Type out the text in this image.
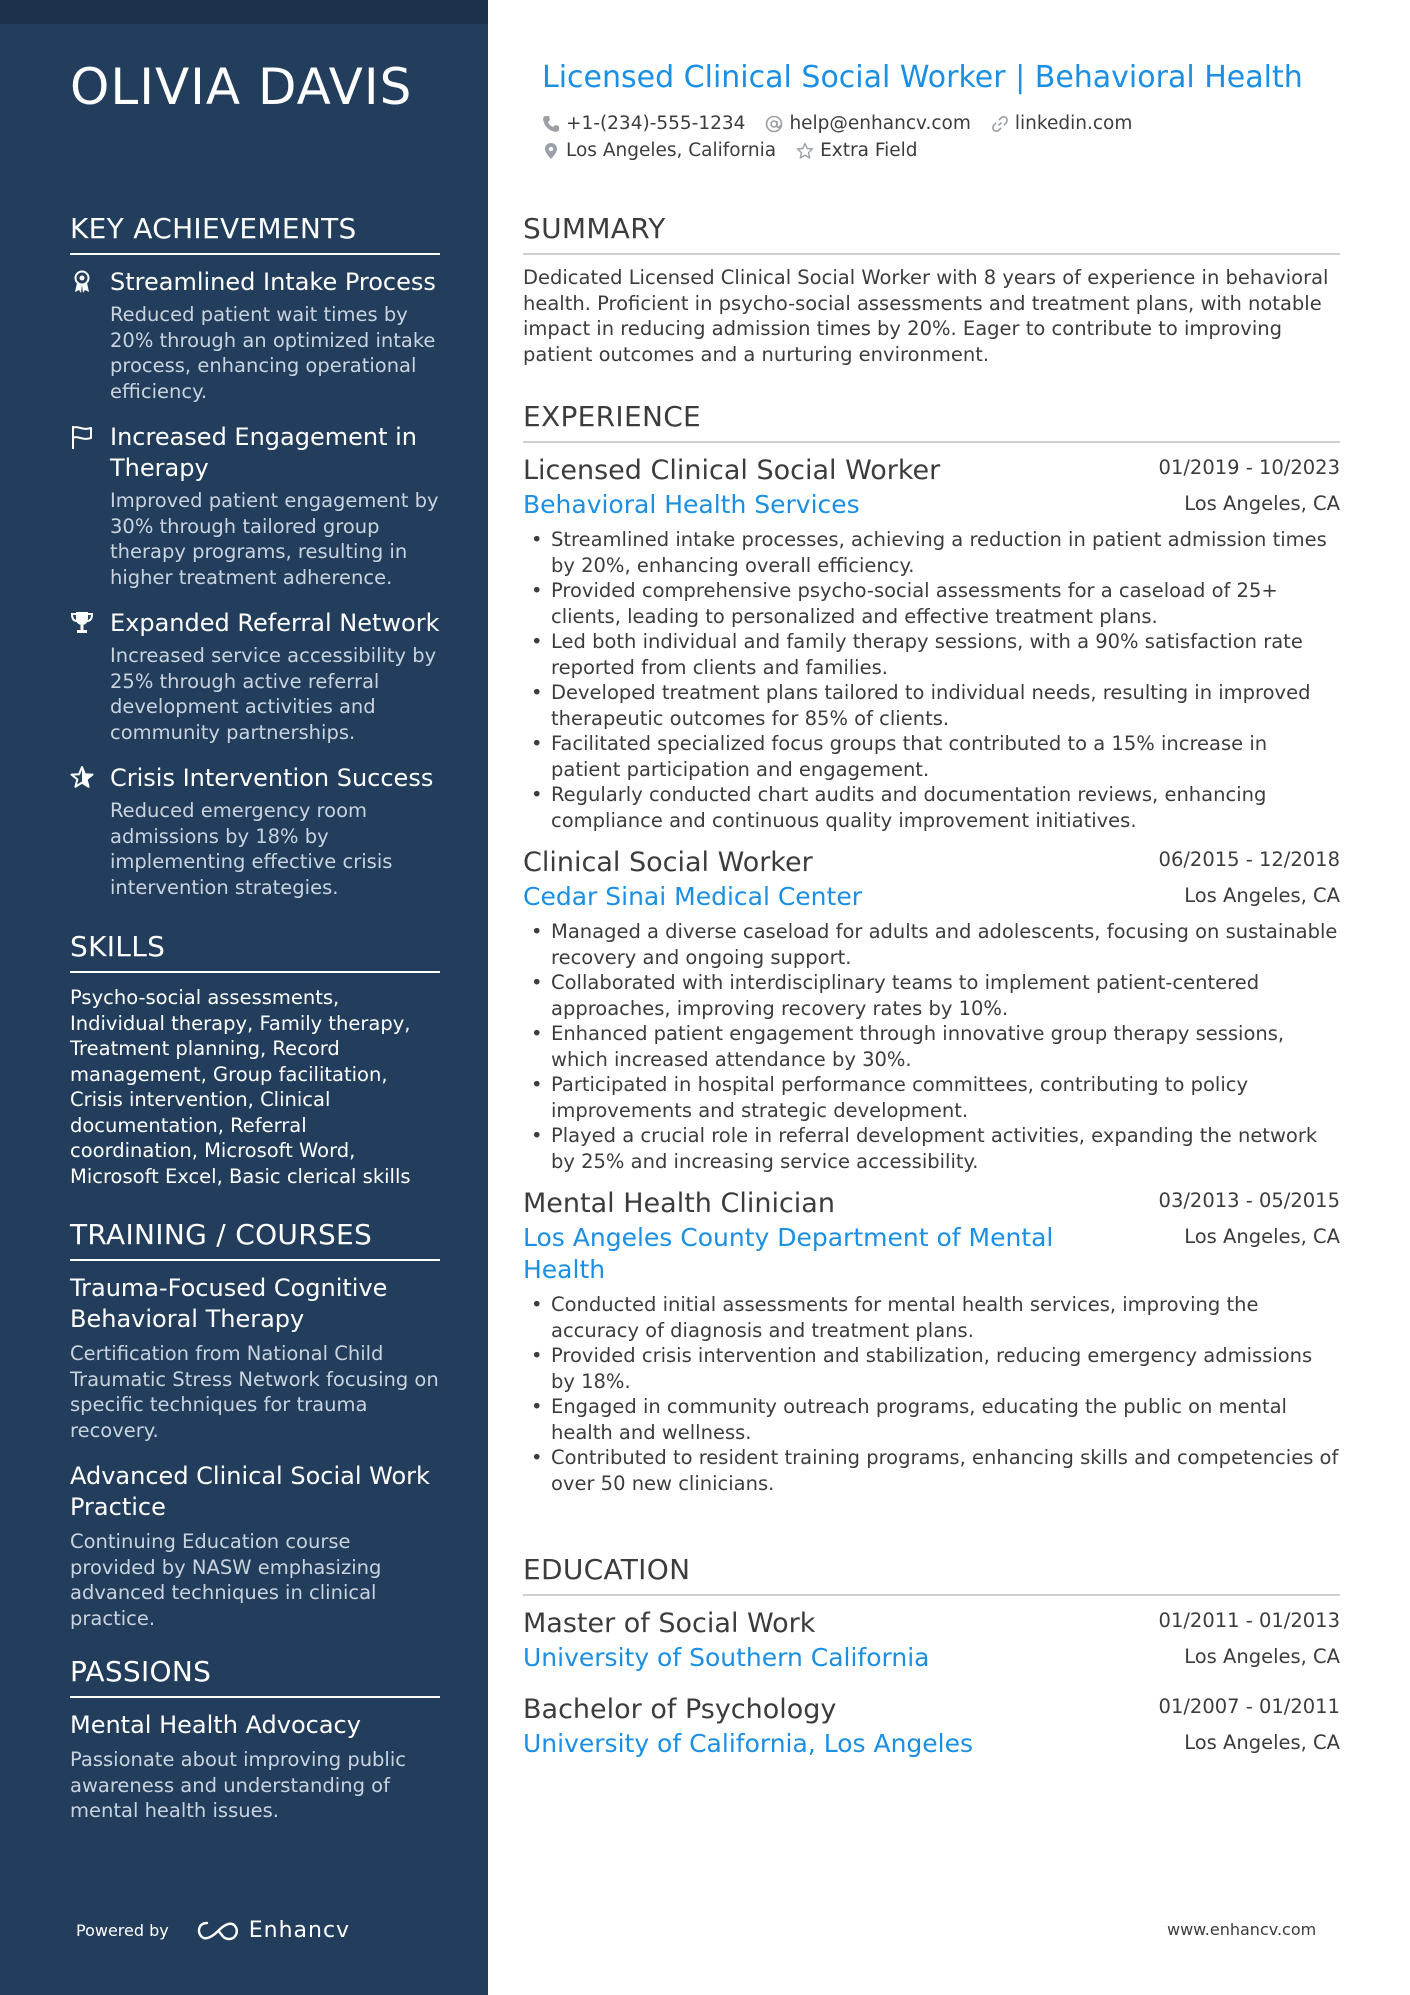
OLIVIA DAVIS
KEY ACHIEVEMENTS
Streamlined Intake Process
Reduced patient wait times by 20% through an optimized intake process, enhancing operational efficiency.
Increased Engagement in Therapy
Improved patient engagement by 30% through tailored group therapy programs, resulting in higher treatment adherence.
Expanded Referral Network
Increased service accessibility by 25% through active referral development activities and community partnerships.
Crisis Intervention Success
Reduced emergency room admissions by 18% by implementing effective crisis intervention strategies.
SKILLS
Psycho-social assessments, Individual therapy, Family therapy, Treatment planning, Record management, Group facilitation, Crisis intervention, Clinical documentation, Referral coordination, Microsoft Word, Microsoft Excel, Basic clerical skills
TRAINING / COURSES
Trauma-Focused Cognitive Behavioral Therapy
Certification from National Child Traumatic Stress Network focusing on specific techniques for trauma recovery.
Advanced Clinical Social Work Practice
Continuing Education course provided by NASW emphasizing advanced techniques in clinical practice.
PASSIONS
Mental Health Advocacy
Passionate about improving public awareness and understanding of mental health issues.
Powered by	Enhancv
Licensed Clinical Social Worker | Behavioral Health
+1-(234)-555-1234 help@enhancv.com linkedin.com
Los Angeles, California Extra Field
SUMMARY
Dedicated Licensed Clinical Social Worker with 8 years of experience in behavioral health. Proficient in psycho-social assessments and treatment plans, with notable impact in reducing admission times by 20%. Eager to contribute to improving patient outcomes and a nurturing environment.
EXPERIENCE
Licensed Clinical Social Worker	01/2019 - 10/2023
Behavioral Health Services	Los Angeles, CA
• Streamlined intake processes, achieving a reduction in patient admission times by 20%, enhancing overall efficiency.
• Provided comprehensive psycho-social assessments for a caseload of 25+ clients, leading to personalized and effective treatment plans.
• Led both individual and family therapy sessions, with a 90% satisfaction rate reported from clients and families.
• Developed treatment plans tailored to individual needs, resulting in improved therapeutic outcomes for 85% of clients.
• Facilitated specialized focus groups that contributed to a 15% increase in patient participation and engagement.
• Regularly conducted chart audits and documentation reviews, enhancing compliance and continuous quality improvement initiatives.
Clinical Social Worker	06/2015 - 12/2018
Cedar Sinai Medical Center	Los Angeles, CA
• Managed a diverse caseload for adults and adolescents, focusing on sustainable recovery and ongoing support.
• Collaborated with interdisciplinary teams to implement patient-centered approaches, improving recovery rates by 10%.
• Enhanced patient engagement through innovative group therapy sessions, which increased attendance by 30%.
• Participated in hospital performance committees, contributing to policy improvements and strategic development.
• Played a crucial role in referral development activities, expanding the network by 25% and increasing service accessibility.
Mental Health Clinician	03/2013 - 05/2015
Los Angeles County Department of Mental Health
Los Angeles, CA
• Conducted initial assessments for mental health services, improving the accuracy of diagnosis and treatment plans.
• Provided crisis intervention and stabilization, reducing emergency admissions by 18%.
• Engaged in community outreach programs, educating the public on mental health and wellness.
• Contributed to resident training programs, enhancing skills and competencies of over 50 new clinicians.
EDUCATION
Master of Social Work	01/2011 - 01/2013
University of Southern California	Los Angeles, CA
Bachelor of Psychology	01/2007 - 01/2011
University of California, Los Angeles	Los Angeles, CA
www.enhancv.com
